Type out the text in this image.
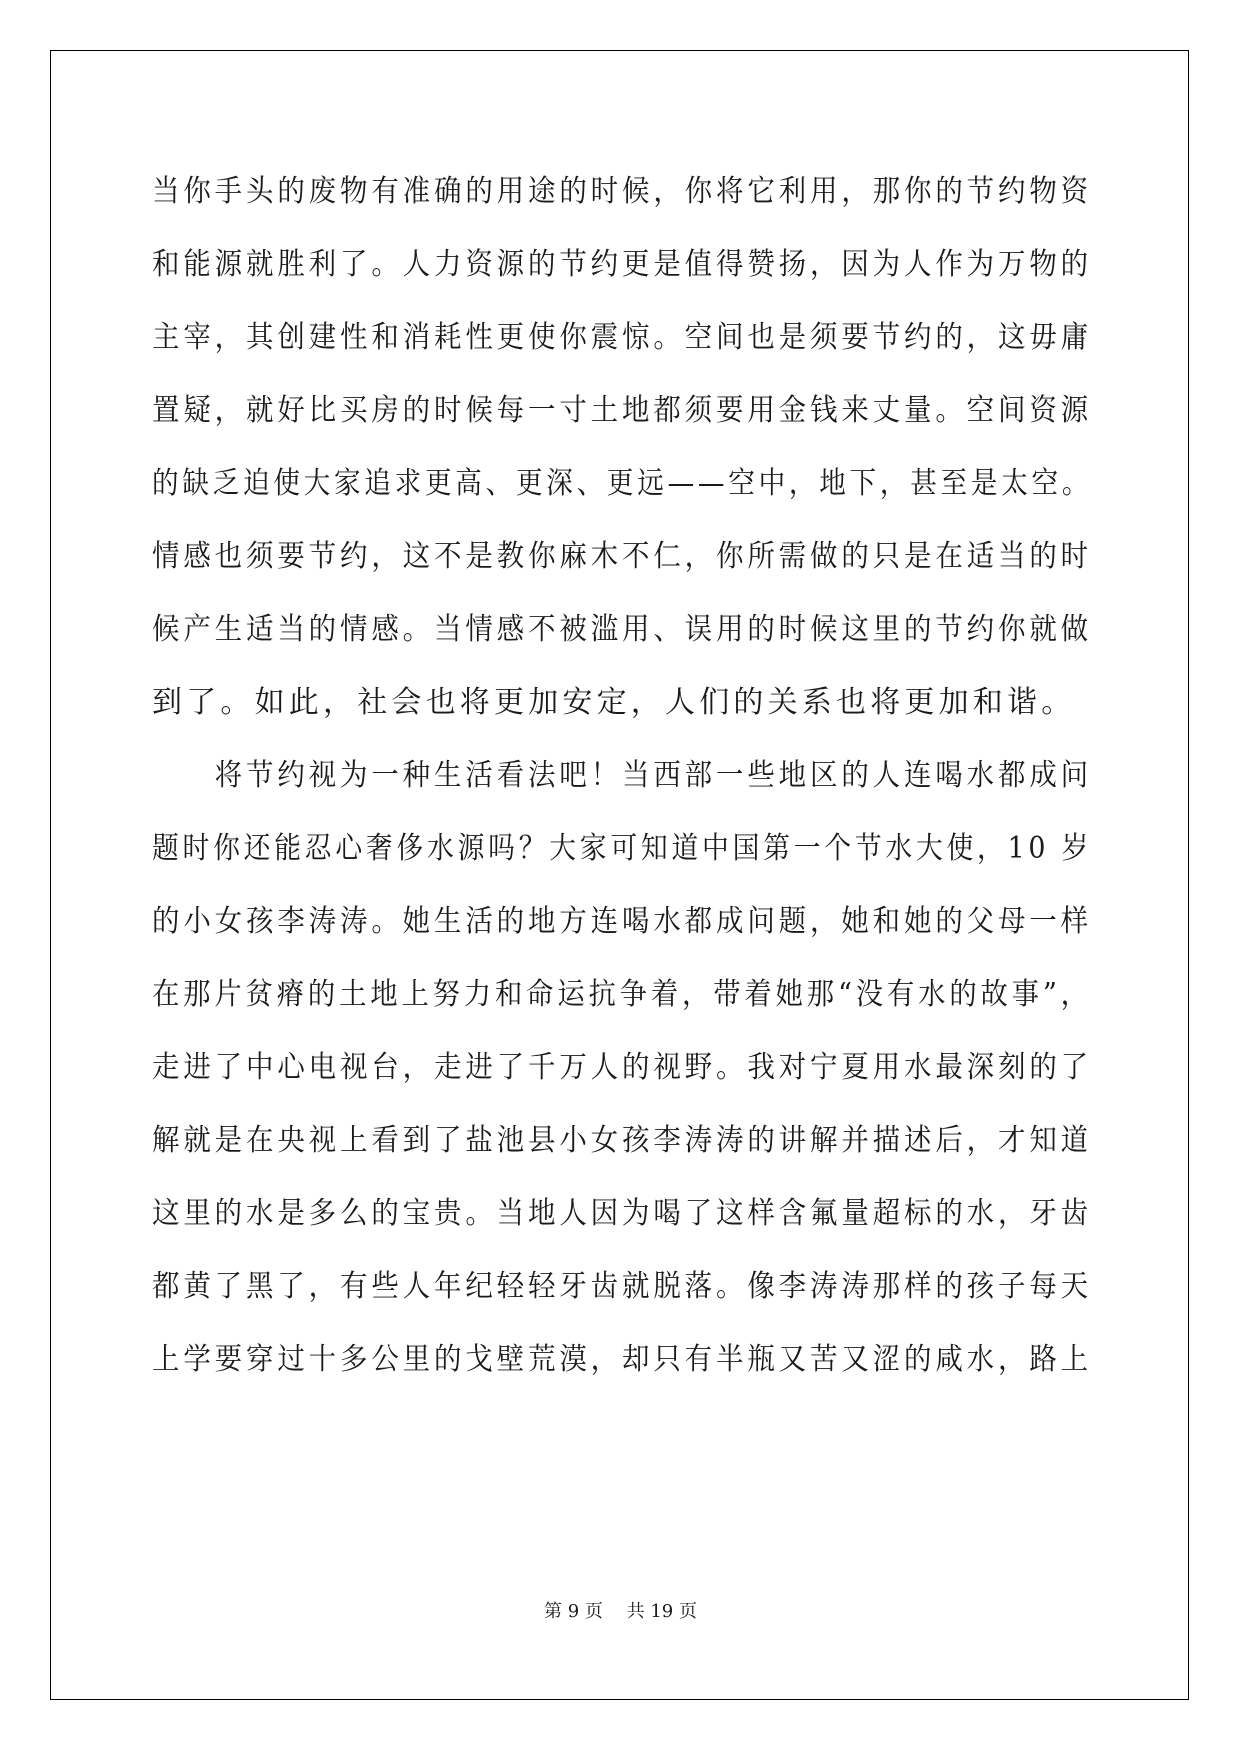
当你手头的废物有准确的用途的时候，你将它利用，那你的节约物资
和能源就胜利了。人力资源的节约更是值得赞扬，因为人作为万物的
主宰，其创建性和消耗性更使你震惊。空间也是须要节约的，这毋庸
置疑，就好比买房的时候每一寸土地都须要用金钱来丈量。空间资源
的缺乏迫使大家追求更高、更深、更远——空中，地下，甚至是太空。
情感也须要节约，这不是教你麻木不仁，你所需做的只是在适当的时
候产生适当的情感。当情感不被滥用、误用的时候这里的节约你就做
到了。如此，社会也将更加安定，人们的关系也将更加和谐。
　　将节约视为一种生活看法吧！当西部一些地区的人连喝水都成问
题时你还能忍心奢侈水源吗？大家可知道中国第一个节水大使，10 岁
的小女孩李涛涛。她生活的地方连喝水都成问题，她和她的父母一样
在那片贫瘠的土地上努力和命运抗争着，带着她那“没有水的故事”，
走进了中心电视台，走进了千万人的视野。我对宁夏用水最深刻的了
解就是在央视上看到了盐池县小女孩李涛涛的讲解并描述后，才知道
这里的水是多么的宝贵。当地人因为喝了这样含氟量超标的水，牙齿
都黄了黑了，有些人年纪轻轻牙齿就脱落。像李涛涛那样的孩子每天
上学要穿过十多公里的戈壁荒漠，却只有半瓶又苦又涩的咸水，路上
第 9 页　 共 19 页
